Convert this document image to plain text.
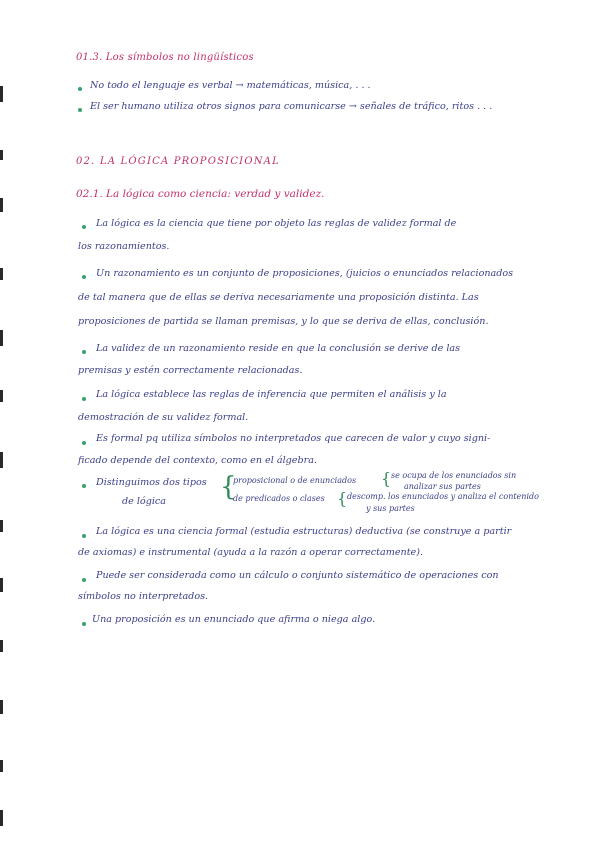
01.3. Los símbolos no lingüísticos
No todo el lenguaje es verbal → matemáticas, música, . . .
El ser humano utiliza otros signos para comunicarse → señales de tráfico, ritos . . .
02. LA LÓGICA PROPOSICIONAL
02.1. La lógica como ciencia: verdad y validez.
La lógica es la ciencia que tiene por objeto las reglas de validez formal de
los razonamientos.
Un razonamiento es un conjunto de proposiciones, (juicios o enunciados relacionados
de tal manera que de ellas se deriva necesariamente una proposición distinta. Las
proposiciones de partida se llaman premisas, y lo que se deriva de ellas, conclusión.
La validez de un razonamiento reside en que la conclusión se derive de las
premisas y estén correctamente relacionadas.
La lógica establece las reglas de inferencia que permiten el análisis y la
demostración de su validez formal.
Es formal pq utiliza símbolos no interpretados que carecen de valor y cuyo signi-
ficado depende del contexto, como en el álgebra.
Distinguimos dos tipos
de lógica {
proposicional o de enunciados
de predicados o clases
{ se ocupa de los enunciados sin
analizar sus partes
{ descomp. los enunciados y analiza el contenido
y sus partes
La lógica es una ciencia formal (estudia estructuras) deductiva (se construye a partir
de axiomas) e instrumental (ayuda a la razón a operar correctamente).
Puede ser considerada como un cálculo o conjunto sistemático de operaciones con
símbolos no interpretados.
Una proposición es un enunciado que afirma o niega algo.
